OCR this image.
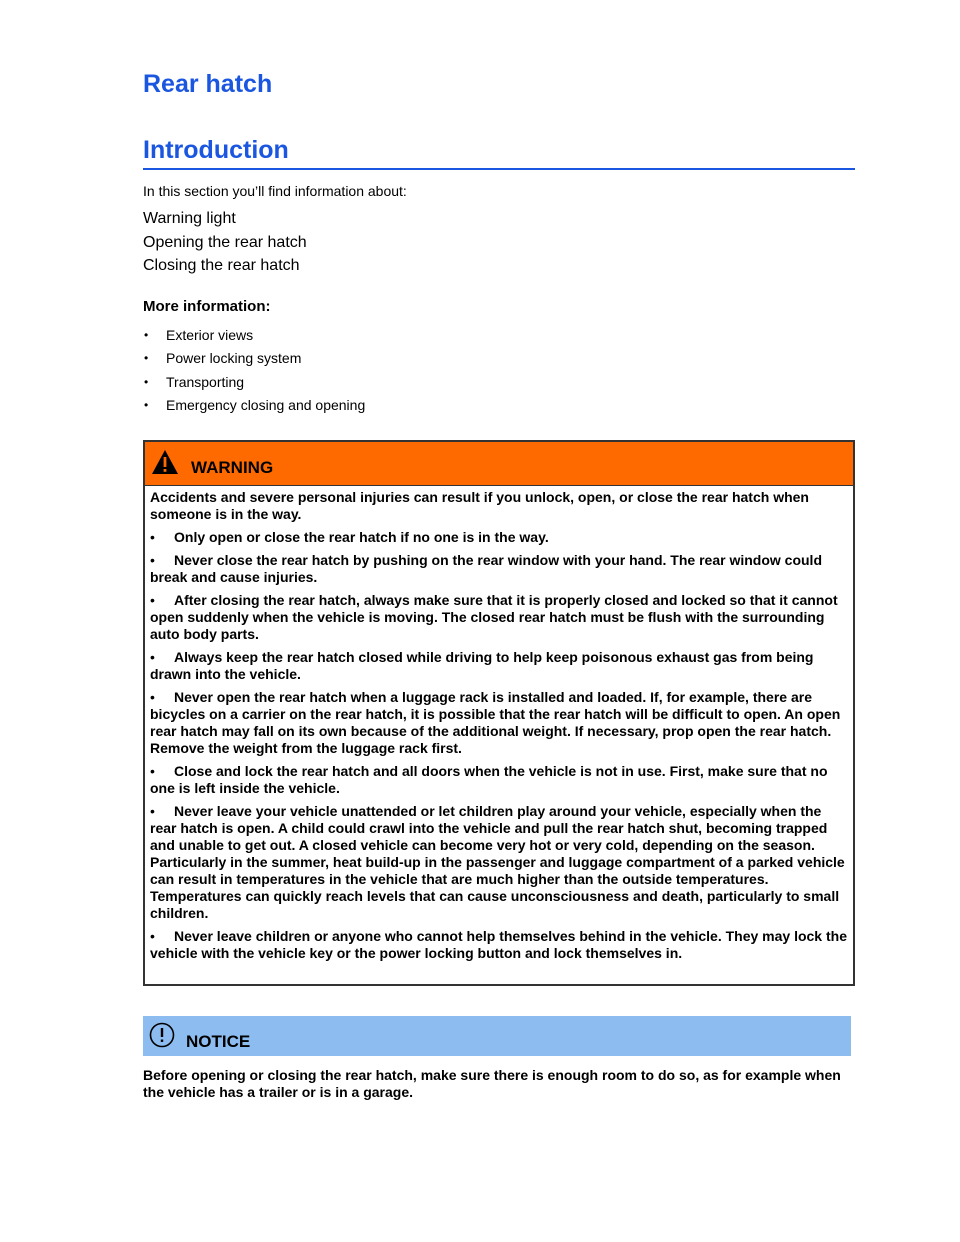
Rear hatch
Introduction
In this section you’ll find information about:
Warning light
Opening the rear hatch
Closing the rear hatch
More information:
• Exterior views
• Power locking system
• Transporting
• Emergency closing and opening
WARNING

Accidents and severe personal injuries can result if you unlock, open, or close the rear hatch when someone is in the way.

• Only open or close the rear hatch if no one is in the way.
• Never close the rear hatch by pushing on the rear window with your hand. The rear window could break and cause injuries.
• After closing the rear hatch, always make sure that it is properly closed and locked so that it cannot open suddenly when the vehicle is moving. The closed rear hatch must be flush with the surrounding auto body parts.
• Always keep the rear hatch closed while driving to help keep poisonous exhaust gas from being drawn into the vehicle.
• Never open the rear hatch when a luggage rack is installed and loaded. If, for example, there are bicycles on a carrier on the rear hatch, it is possible that the rear hatch will be difficult to open. An open rear hatch may fall on its own because of the additional weight. If necessary, prop open the rear hatch. Remove the weight from the luggage rack first.
• Close and lock the rear hatch and all doors when the vehicle is not in use. First, make sure that no one is left inside the vehicle.
• Never leave your vehicle unattended or let children play around your vehicle, especially when the rear hatch is open. A child could crawl into the vehicle and pull the rear hatch shut, becoming trapped and unable to get out. A closed vehicle can become very hot or very cold, depending on the season. Particularly in the summer, heat build-up in the passenger and luggage compartment of a parked vehicle can result in temperatures in the vehicle that are much higher than the outside temperatures. Temperatures can quickly reach levels that can cause unconsciousness and death, particularly to small children.
• Never leave children or anyone who cannot help themselves behind in the vehicle. They may lock the vehicle with the vehicle key or the power locking button and lock themselves in.
NOTICE

Before opening or closing the rear hatch, make sure there is enough room to do so, as for example when the vehicle has a trailer or is in a garage.
